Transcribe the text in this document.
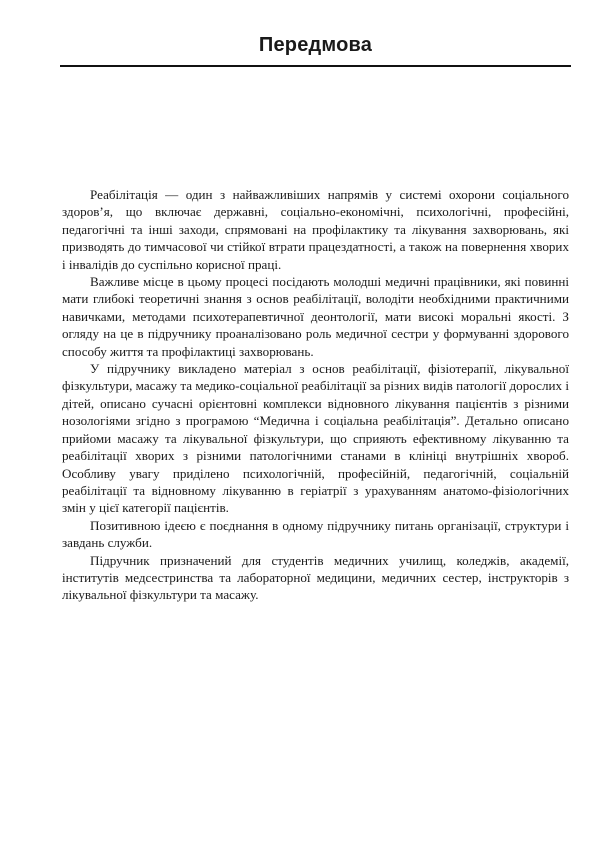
Передмова

Реабілітація — один з найважливіших напрямів у системі охорони соціального здоров’я, що включає державні, соціально-економічні, психологічні, професійні, педагогічні та інші заходи, спрямовані на профілактику та лікування захворювань, які призводять до тимчасової чи стійкої втрати працездатності, а також на повернення хворих і інвалідів до суспільно корисної праці.

Важливе місце в цьому процесі посідають молодші медичні працівники, які повинні мати глибокі теоретичні знання з основ реабілітації, володіти необхідними практичними навичками, методами психотерапевтичної деонтології, мати високі моральні якості. З огляду на це в підручнику проаналізовано роль медичної сестри у формуванні здорового способу життя та профілактиці захворювань.

У підручнику викладено матеріал з основ реабілітації, фізіотерапії, лікувальної фізкультури, масажу та медико-соціальної реабілітації за різних видів патології дорослих і дітей, описано сучасні орієнтовні комплекси відновного лікування пацієнтів з різними нозологіями згідно з програмою “Медична і соціальна реабілітація”. Детально описано прийоми масажу та лікувальної фізкультури, що сприяють ефективному лікуванню та реабілітації хворих з різними патологічними станами в клініці внутрішніх хвороб. Особливу увагу приділено психологічній, професійній, педагогічній, соціальній реабілітації та відновному лікуванню в геріатрії з урахуванням анатомо-фізіологічних змін у цієї категорії пацієнтів.

Позитивною ідеєю є поєднання в одному підручнику питань організації, структури і завдань служби.

Підручник призначений для студентів медичних училищ, коледжів, академії, інститутів медсестринства та лабораторної медицини, медичних сестер, інструкторів з лікувальної фізкультури та масажу.
